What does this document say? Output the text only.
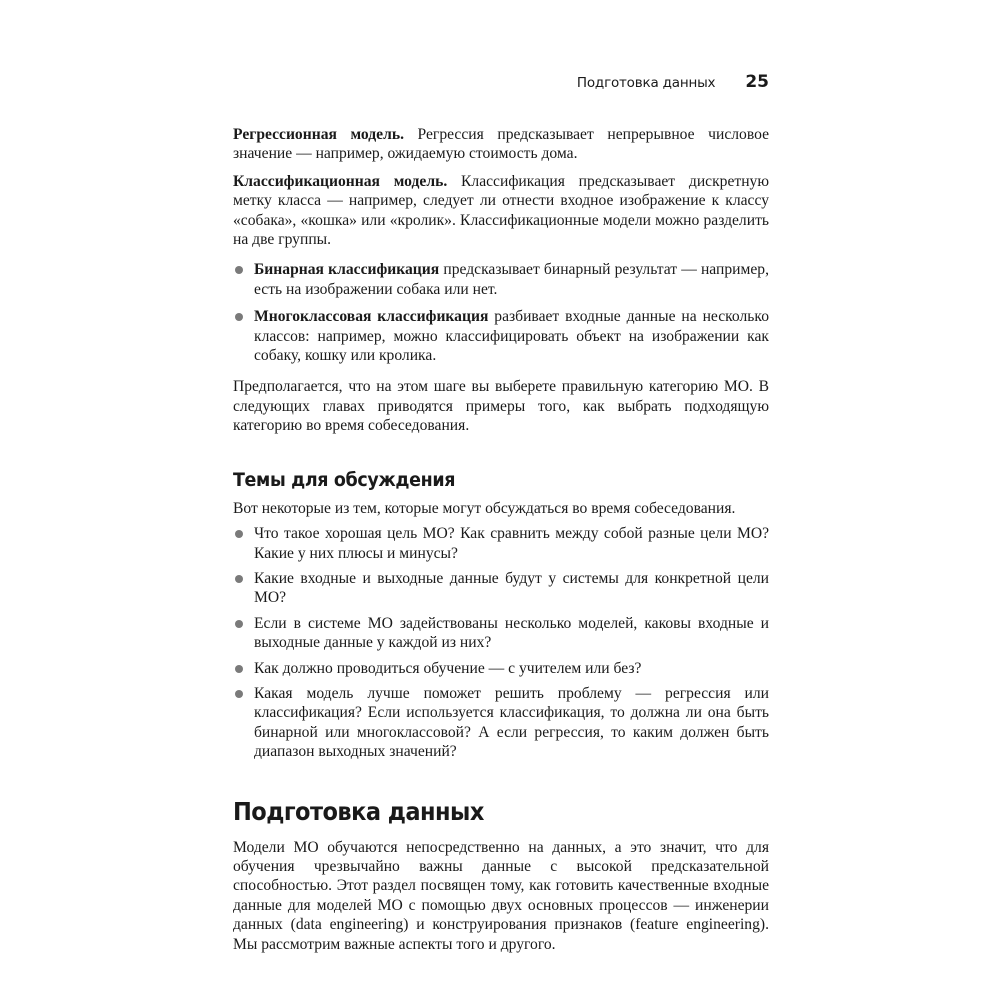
Подготовка данных 25

Регрессионная модель. Регрессия предсказывает непрерывное числовое значение — например, ожидаемую стоимость дома.

Классификационная модель. Классификация предсказывает дискретную метку класса — например, следует ли отнести входное изображение к классу «собака», «кошка» или «кролик». Классификационные модели можно разделить на две группы.

Бинарная классификация предсказывает бинарный результат — например, есть на изображении собака или нет.
Многоклассовая классификация разбивает входные данные на несколько классов: например, можно классифицировать объект на изображении как собаку, кошку или кролика.

Предполагается, что на этом шаге вы выберете правильную категорию МО. В следующих главах приводятся примеры того, как выбрать подходящую категорию во время собеседования.

Темы для обсуждения

Вот некоторые из тем, которые могут обсуждаться во время собеседования.

Что такое хорошая цель МО? Как сравнить между собой разные цели МО? Какие у них плюсы и минусы?
Какие входные и выходные данные будут у системы для конкретной цели МО?
Если в системе МО задействованы несколько моделей, каковы входные и выходные данные у каждой из них?
Как должно проводиться обучение — с учителем или без?
Какая модель лучше поможет решить проблему — регрессия или классификация? Если используется классификация, то должна ли она быть бинарной или многоклассовой? А если регрессия, то каким должен быть диапазон выходных значений?
Подготовка данных

Модели МО обучаются непосредственно на данных, а это значит, что для обучения чрезвычайно важны данные с высокой предсказательной способностью. Этот раздел посвящен тому, как готовить качественные входные данные для моделей МО с помощью двух основных процессов — инженерии данных (data engineering) и конструирования признаков (feature engineering). Мы рассмотрим важные аспекты того и другого.
